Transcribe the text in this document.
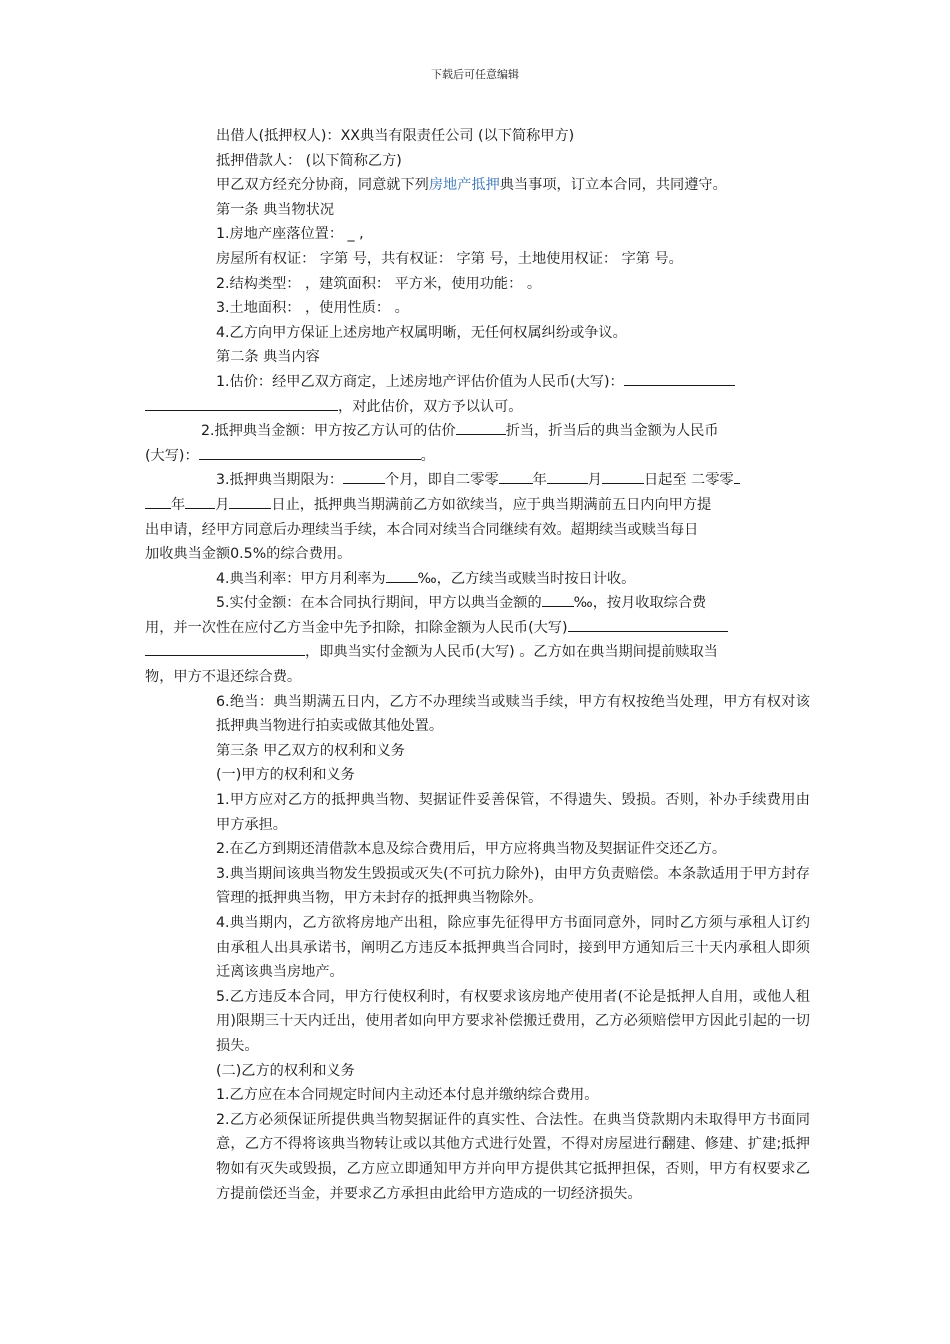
下载后可任意编辑

出借人(抵押权人)：XX典当有限责任公司 (以下简称甲方)

抵押借款人： (以下简称乙方)

甲乙双方经充分协商，同意就下列房地产抵押典当事项，订立本合同，共同遵守。

第一条 典当物状况

1.房地产座落位置： _ ,

房屋所有权证： 字第 号，共有权证： 字第 号，土地使用权证： 字第 号。

2.结构类型： ，建筑面积： 平方米，使用功能： 。

3.土地面积： ，使用性质： 。

4.乙方向甲方保证上述房地产权属明晰，无任何权属纠纷或争议。

第二条 典当内容

1.估价：经甲乙双方商定，上述房地产评估价值为人民币(大写)：

，对此估价，双方予以认可。

2.抵押典当金额：甲方按乙方认可的估价	折当，折当后的典当金额为人民币

(大写)：	。

3.抵押典当期限为：	个月，即自二零零 年	月	日起至 二零零

年 月	日止，抵押典当期满前乙方如欲续当，应于典当期满前五日内向甲方提

出申请，经甲方同意后办理续当手续，本合同对续当合同继续有效。超期续当或赎当每日

加收典当金额0.5%的综合费用。

4.典当利率：甲方月利率为 ‰，乙方续当或赎当时按日计收。

5.实付金额：在本合同执行期间，甲方以典当金额的 ‰，按月收取综合费

用，并一次性在应付乙方当金中先予扣除，扣除金额为人民币(大写)

，即典当实付金额为人民币(大写) 。乙方如在典当期间提前赎取当

物，甲方不退还综合费。

6.绝当：典当期满五日内，乙方不办理续当或赎当手续，甲方有权按绝当处理，甲方有权对该抵押典当物进行拍卖或做其他处置。

第三条 甲乙双方的权利和义务

(一)甲方的权利和义务

1.甲方应对乙方的抵押典当物、契据证件妥善保管，不得遗失、毁损。否则，补办手续费用由甲方承担。

2.在乙方到期还清借款本息及综合费用后，甲方应将典当物及契据证件交还乙方。

3.典当期间该典当物发生毁损或灭失(不可抗力除外)，由甲方负责赔偿。本条款适用于甲方封存管理的抵押典当物，甲方未封存的抵押典当物除外。

4.典当期内，乙方欲将房地产出租，除应事先征得甲方书面同意外，同时乙方须与承租人订约由承租人出具承诺书，阐明乙方违反本抵押典当合同时，接到甲方通知后三十天内承租人即须迁离该典当房地产。

5.乙方违反本合同，甲方行使权利时，有权要求该房地产使用者(不论是抵押人自用，或他人租用)限期三十天内迁出，使用者如向甲方要求补偿搬迁费用，乙方必须赔偿甲方因此引起的一切损失。

(二)乙方的权利和义务

1.乙方应在本合同规定时间内主动还本付息并缴纳综合费用。

2.乙方必须保证所提供典当物契据证件的真实性、合法性。在典当贷款期内未取得甲方书面同意，乙方不得将该典当物转让或以其他方式进行处置，不得对房屋进行翻建、修建、扩建;抵押物如有灭失或毁损，乙方应立即通知甲方并向甲方提供其它抵押担保，否则，甲方有权要求乙方提前偿还当金，并要求乙方承担由此给甲方造成的一切经济损失。
